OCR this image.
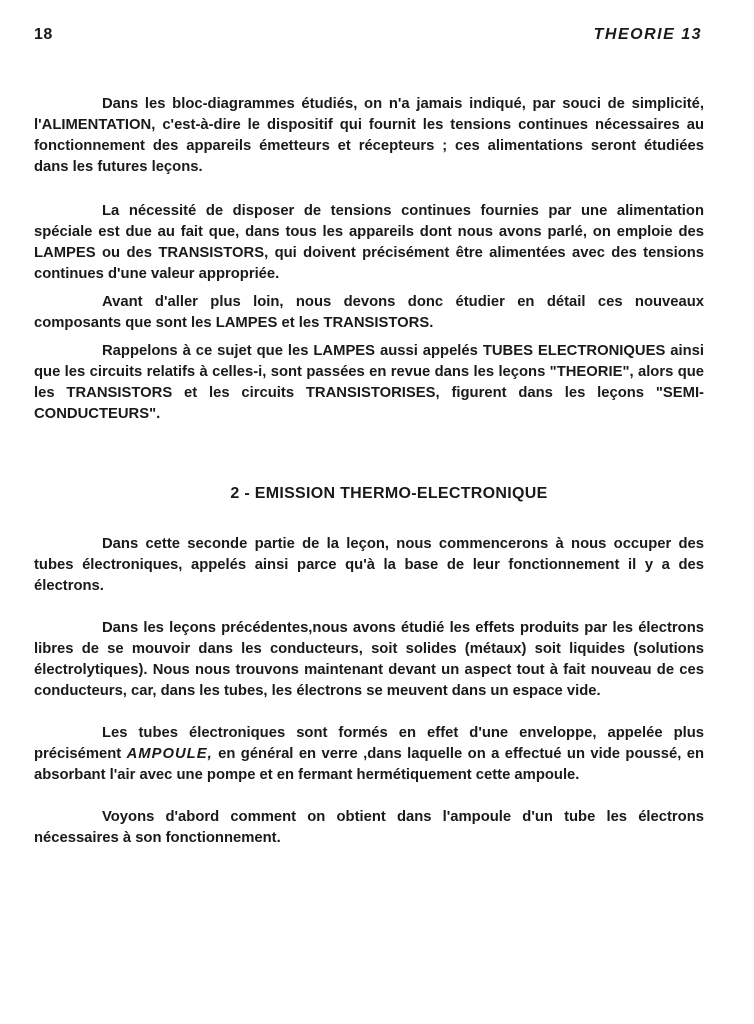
18	THEORIE 13

Dans les bloc-diagrammes étudiés, on n'a jamais indiqué, par souci de simplicité, l'ALIMENTATION, c'est-à-dire le dispositif qui fournit les tensions continues nécessaires au fonctionnement des appareils émetteurs et récepteurs ; ces alimentations seront étudiées dans les futures leçons.

La nécessité de disposer de tensions continues fournies par une alimentation spéciale est due au fait que, dans tous les appareils dont nous avons parlé, on emploie des LAMPES ou des TRANSISTORS, qui doivent précisément être alimentées avec des tensions continues d'une valeur appropriée.

Avant d'aller plus loin, nous devons donc étudier en détail ces nouveaux composants que sont les LAMPES et les TRANSISTORS.

Rappelons à ce sujet que les LAMPES aussi appelés TUBES ELECTRONIQUES ainsi que les circuits relatifs à celles-i, sont passées en revue dans les leçons "THEORIE", alors que les TRANSISTORS et les circuits TRANSISTORISES, figurent dans les leçons "SEMI-CONDUCTEURS".

2 - EMISSION THERMO-ELECTRONIQUE

Dans cette seconde partie de la leçon, nous commencerons à nous occuper des tubes électroniques, appelés ainsi parce qu'à la base de leur fonctionnement il y a des électrons.

Dans les leçons précédentes,nous avons étudié les effets produits par les électrons libres de se mouvoir dans les conducteurs, soit solides (métaux) soit liquides (solutions électrolytiques). Nous nous trouvons maintenant devant un aspect tout à fait nouveau de ces conducteurs, car, dans les tubes, les électrons se meuvent dans un espace vide.

Les tubes électroniques sont formés en effet d'une enveloppe, appelée plus précisément AMPOULE, en général en verre ,dans laquelle on a effectué un vide poussé, en absorbant l'air avec une pompe et en fermant hermétiquement cette ampoule.

Voyons d'abord comment on obtient dans l'ampoule d'un tube les électrons nécessaires à son fonctionnement.
